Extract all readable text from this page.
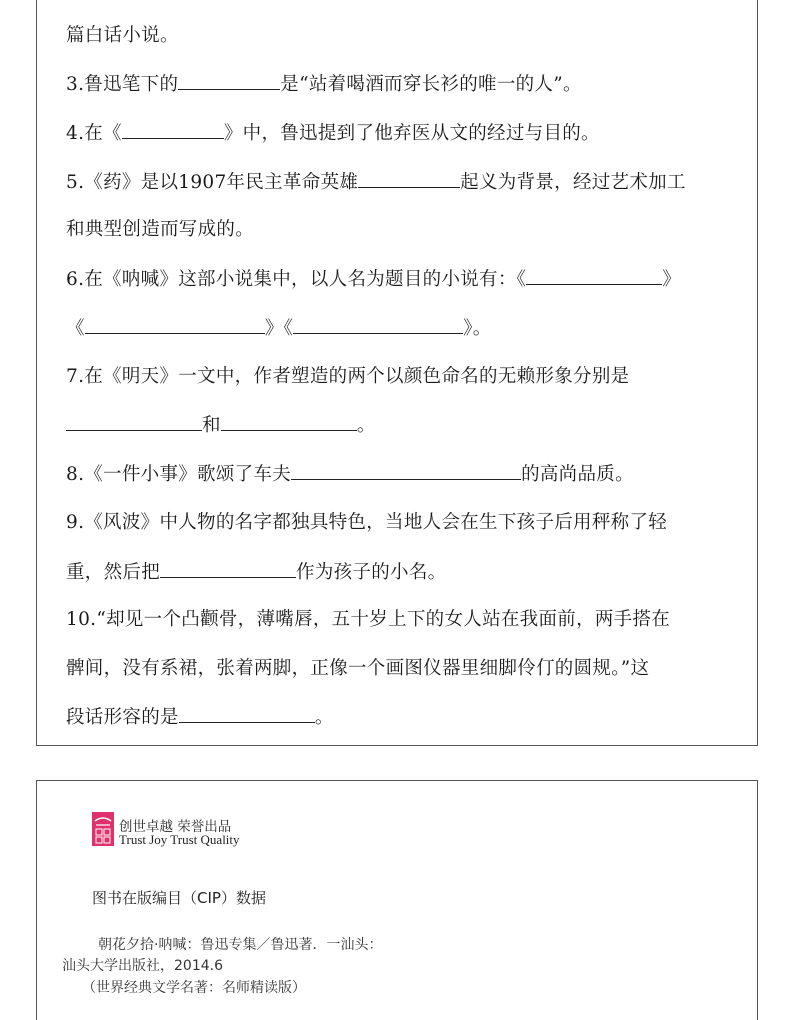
篇白话小说。
3.鲁迅笔下的	是“站着喝酒而穿长衫的唯一的人”。
4.在《	》中，鲁迅提到了他弃医从文的经过与目的。
5.《药》是以1907年民主革命英雄	起义为背景，经过艺术加工
和典型创造而写成的。
6.在《呐喊》这部小说集中，以人名为题目的小说有：《	》
《	》《	》。
7.在《明天》一文中，作者塑造的两个以颜色命名的无赖形象分别是
和	。
8.《一件小事》歌颂了车夫	的高尚品质。
9.《风波》中人物的名字都独具特色，当地人会在生下孩子后用秤称了轻
重，然后把	作为孩子的小名。
10.“却见一个凸颧骨，薄嘴唇，五十岁上下的女人站在我面前，两手搭在
髀间，没有系裙，张着两脚，正像一个画图仪器里细脚伶仃的圆规。”这
段话形容的是	。
创世卓越 荣誉出品
Trust Joy Trust Quality
图书在版编目（CIP）数据
朝花夕拾·呐喊：鲁迅专集／鲁迅著．一汕头：
汕头大学出版社，2014.6
（世界经典文学名著：名师精读版）
